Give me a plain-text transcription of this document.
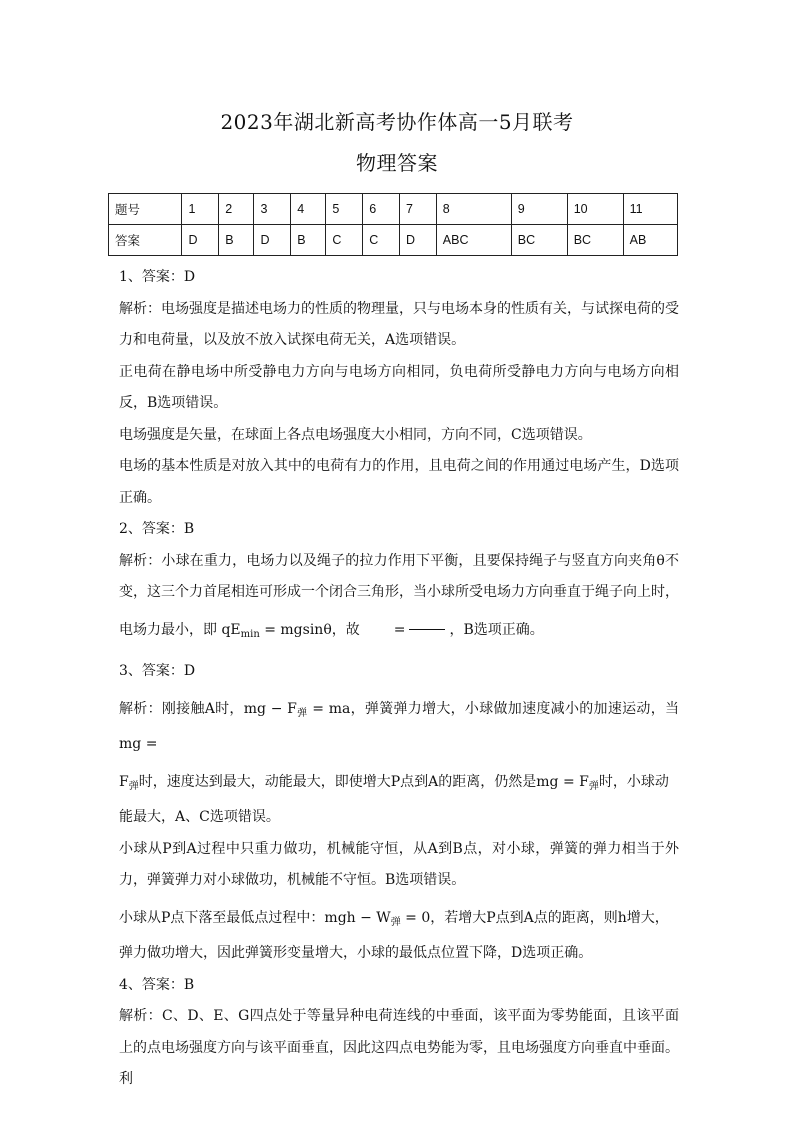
2023年湖北新高考协作体高一5月联考
物理答案
题号	1	2	3	4	5	6	7	8	9	10	11
答案	D	B	D	B	C	C	D	ABC	BC	BC	AB

1、答案：D

解析：电场强度是描述电场力的性质的物理量，只与电场本身的性质有关，与试探电荷的受力和电荷量，以及放不放入试探电荷无关，A选项错误。

正电荷在静电场中所受静电力方向与电场方向相同，负电荷所受静电力方向与电场方向相反，B选项错误。

电场强度是矢量，在球面上各点电场强度大小相同，方向不同，C选项错误。

电场的基本性质是对放入其中的电荷有力的作用，且电荷之间的作用通过电场产生，D选项正确。

2、答案：B

解析：小球在重力，电场力以及绳子的拉力作用下平衡，且要保持绳子与竖直方向夹角θ不变，这三个力首尾相连可形成一个闭合三角形，当小球所受电场力方向垂直于绳子向上时，

电场力最小，即 $qE_{min} = mgsin\theta$，故 =	，B选项正确。

3、答案：D

解析：刚接触A时，mg − $F_弹$ = ma，弹簧弹力增大，小球做加速度减小的加速运动，当mg =

$F_弹$时，速度达到最大，动能最大，即使增大P点到A的距离，仍然是mg = $F_弹$时，小球动

能最大，A、C选项错误。

小球从P到A过程中只重力做功，机械能守恒，从A到B点，对小球，弹簧的弹力相当于外力，弹簧弹力对小球做功，机械能不守恒。B选项错误。

小球从P点下落至最低点过程中：mgh − $W_弹 = 0$，若增大P点到A点的距离，则h增大，

弹力做功增大，因此弹簧形变量增大，小球的最低点位置下降，D选项正确。

4、答案：B

解析：C、D、E、G四点处于等量异种电荷连线的中垂面，该平面为零势能面，且该平面上的点电场强度方向与该平面垂直，因此这四点电势能为零，且电场强度方向垂直中垂面。利
